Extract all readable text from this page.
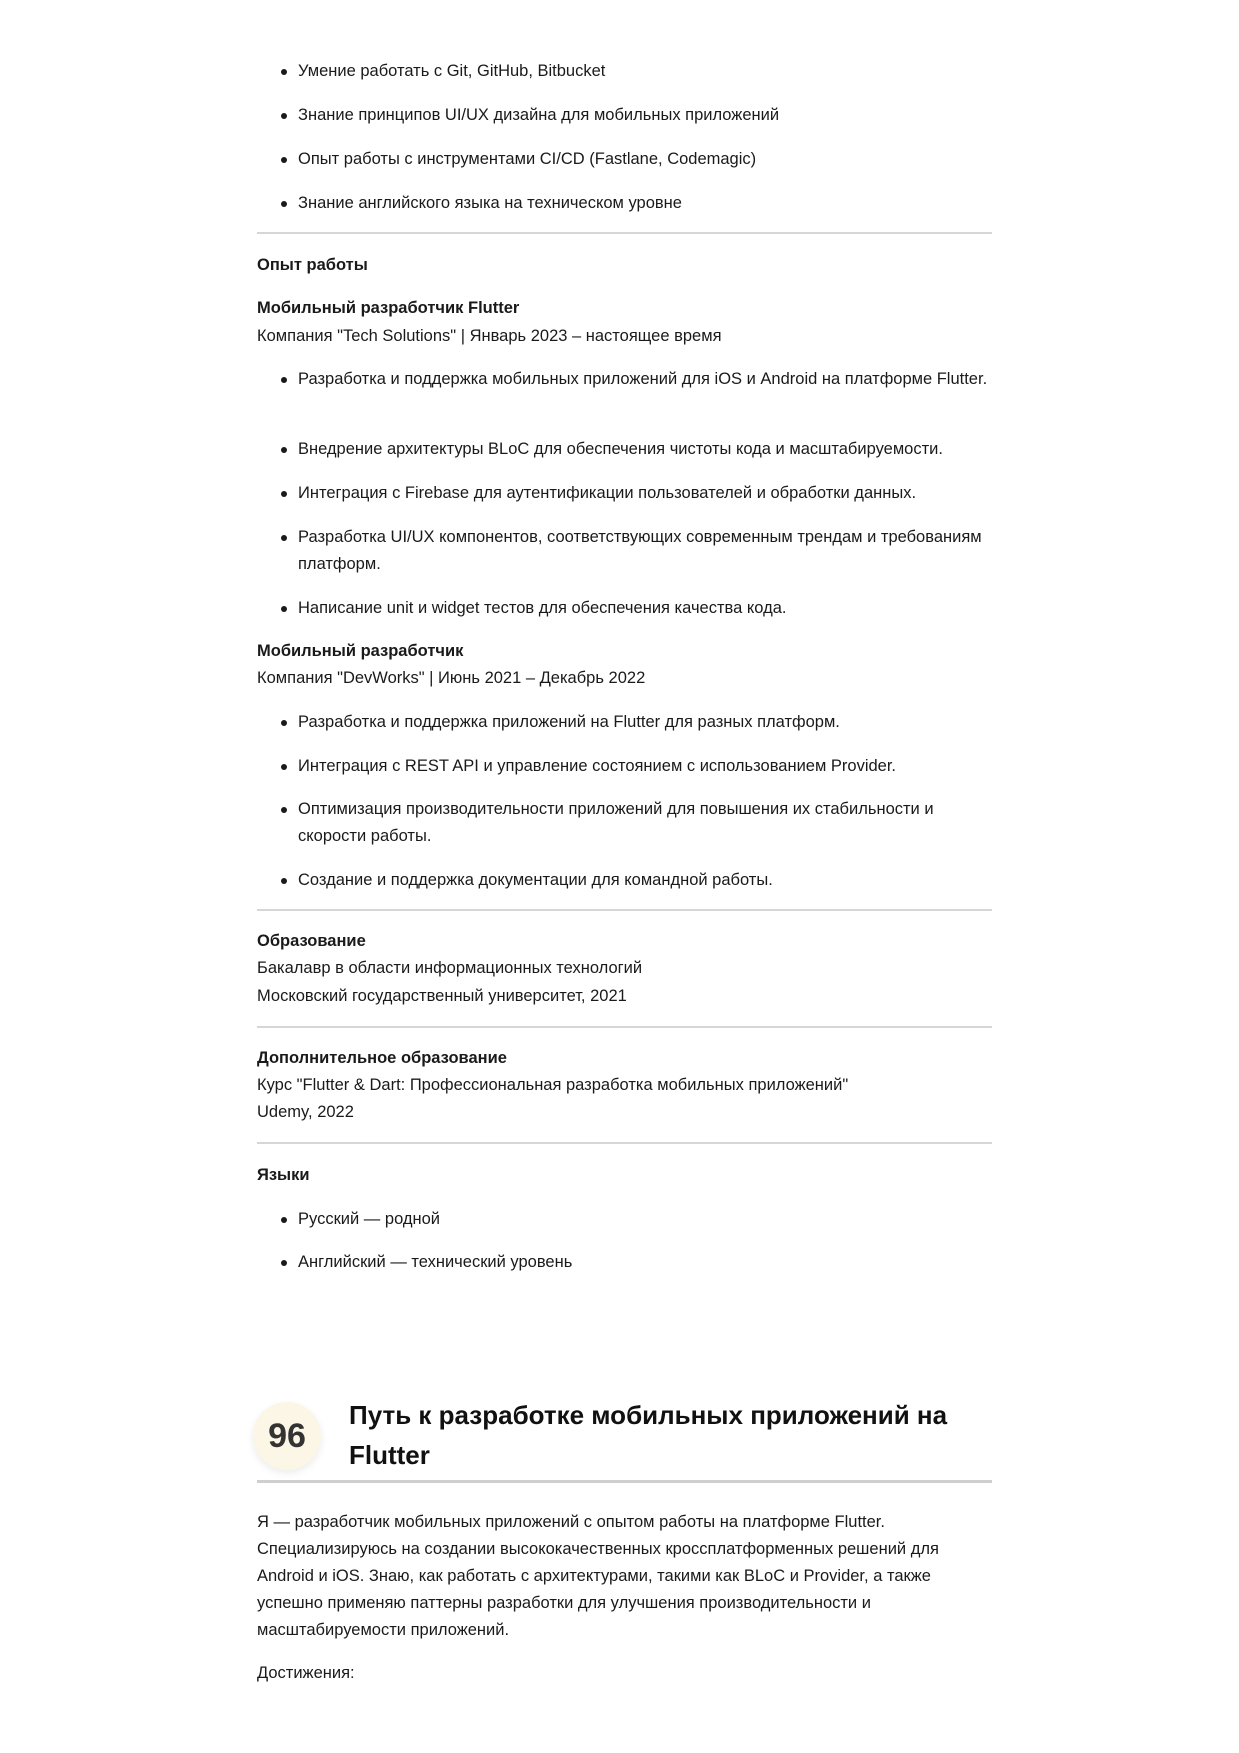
Умение работать с Git, GitHub, Bitbucket
Знание принципов UI/UX дизайна для мобильных приложений
Опыт работы с инструментами CI/CD (Fastlane, Codemagic)
Знание английского языка на техническом уровне
Опыт работы
Мобильный разработчик Flutter
Компания "Tech Solutions" | Январь 2023 – настоящее время
Разработка и поддержка мобильных приложений для iOS и Android на платформе Flutter.
Внедрение архитектуры BLoC для обеспечения чистоты кода и масштабируемости.
Интеграция с Firebase для аутентификации пользователей и обработки данных.
Разработка UI/UX компонентов, соответствующих современным трендам и требованиям платформ.
Написание unit и widget тестов для обеспечения качества кода.
Мобильный разработчик
Компания "DevWorks" | Июнь 2021 – Декабрь 2022
Разработка и поддержка приложений на Flutter для разных платформ.
Интеграция с REST API и управление состоянием с использованием Provider.
Оптимизация производительности приложений для повышения их стабильности и скорости работы.
Создание и поддержка документации для командной работы.
Образование
Бакалавр в области информационных технологий
Московский государственный университет, 2021
Дополнительное образование
Курс "Flutter & Dart: Профессиональная разработка мобильных приложений"
Udemy, 2022
Языки
Русский — родной
Английский — технический уровень
96
Путь к разработке мобильных приложений на Flutter
Я — разработчик мобильных приложений с опытом работы на платформе Flutter. Специализируюсь на создании высококачественных кроссплатформенных решений для Android и iOS. Знаю, как работать с архитектурами, такими как BLoC и Provider, а также успешно применяю паттерны разработки для улучшения производительности и масштабируемости приложений.
Достижения:
